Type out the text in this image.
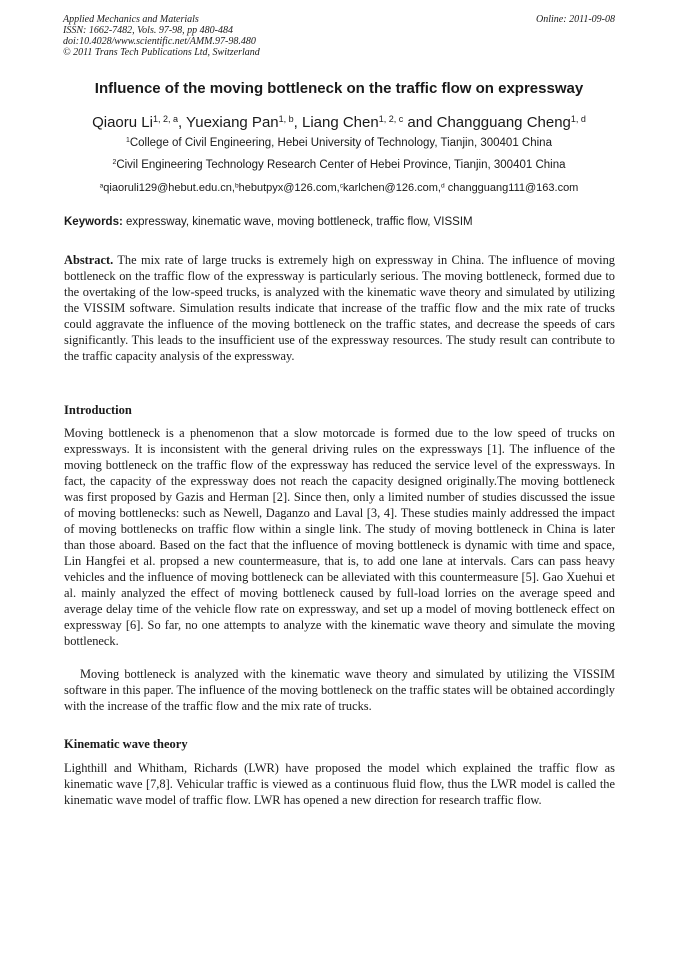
Applied Mechanics and Materials
ISSN: 1662-7482, Vols. 97-98, pp 480-484
doi:10.4028/www.scientific.net/AMM.97-98.480
© 2011 Trans Tech Publications Ltd, Switzerland
Online: 2011-09-08
Influence of the moving bottleneck on the traffic flow on expressway
Qiaoru Li$^{1, 2, a}$, Yuexiang Pan$^{1, b}$, Liang Chen$^{1, 2, c}$ and Changguang Cheng$^{1, d}$
$^1$College of Civil Engineering, Hebei University of Technology, Tianjin, 300401 China
$^2$Civil Engineering Technology Research Center of Hebei Province, Tianjin, 300401 China
$^a$qiaoruli129@hebut.edu.cn,$^b$hebutpyx@126.com,$^c$karlchen@126.com,$^d$ changguang111@163.com
Keywords: expressway, kinematic wave, moving bottleneck, traffic flow, VISSIM

Abstract. The mix rate of large trucks is extremely high on expressway in China. The influence of moving bottleneck on the traffic flow of the expressway is particularly serious. The moving bottleneck, formed due to the overtaking of the low-speed trucks, is analyzed with the kinematic wave theory and simulated by utilizing the VISSIM software. Simulation results indicate that increase of the traffic flow and the mix rate of trucks could aggravate the influence of the moving bottleneck on the traffic states, and decrease the speeds of cars significantly. This leads to the insufficient use of the expressway resources. The study result can contribute to the traffic capacity analysis of the expressway.

Introduction

Moving bottleneck is a phenomenon that a slow motorcade is formed due to the low speed of trucks on expressways. It is inconsistent with the general driving rules on the expressways [1]. The influence of the moving bottleneck on the traffic flow of the expressway has reduced the service level of the expressways. In fact, the capacity of the expressway does not reach the capacity designed originally.The moving bottleneck was first proposed by Gazis and Herman [2]. Since then, only a limited number of studies discussed the issue of moving bottlenecks: such as Newell, Daganzo and Laval [3, 4]. These studies mainly addressed the impact of moving bottlenecks on traffic flow within a single link. The study of moving bottleneck in China is later than those aboard. Based on the fact that the influence of moving bottleneck is dynamic with time and space, Lin Hangfei et al. propsed a new countermeasure, that is, to add one lane at intervals. Cars can pass heavy vehicles and the influence of moving bottleneck can be alleviated with this countermeasure [5]. Gao Xuehui et al. mainly analyzed the effect of moving bottleneck caused by full-load lorries on the average speed and average delay time of the vehicle flow rate on expressway, and set up a model of moving bottleneck effect on expressway [6]. So far, no one attempts to analyze with the kinematic wave theory and simulate the moving bottleneck.

Moving bottleneck is analyzed with the kinematic wave theory and simulated by utilizing the VISSIM software in this paper. The influence of the moving bottleneck on the traffic states will be obtained accordingly with the increase of the traffic flow and the mix rate of trucks.

Kinematic wave theory

Lighthill and Whitham, Richards (LWR) have proposed the model which explained the traffic flow as kinematic wave [7,8]. Vehicular traffic is viewed as a continuous fluid flow, thus the LWR model is called the kinematic wave model of traffic flow. LWR has opened a new direction for research traffic flow.
